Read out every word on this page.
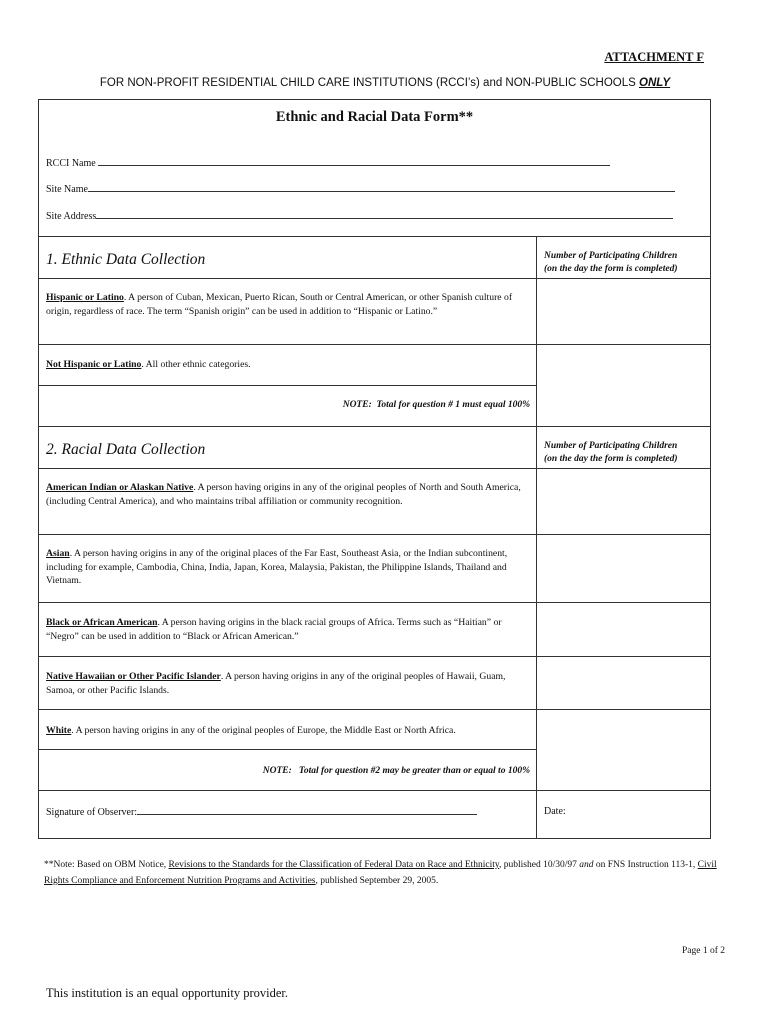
ATTACHMENT F
FOR NON-PROFIT RESIDENTIAL CHILD CARE INSTITUTIONS (RCCI’s) and NON-PUBLIC SCHOOLS ONLY
Ethnic and Racial Data Form**
RCCI Name
Site Name
Site Address
1. Ethnic Data Collection	Number of Participating Children
(on the day the form is completed)
Hispanic or Latino. A person of Cuban, Mexican, Puerto Rican, South or Central American, or other Spanish culture of origin, regardless of race. The term “Spanish origin” can be used in addition to “Hispanic or Latino.”
Not Hispanic or Latino. All other ethnic categories.
NOTE:  Total for question # 1 must equal 100%
2. Racial Data Collection	Number of Participating Children
(on the day the form is completed)
American Indian or Alaskan Native. A person having origins in any of the original peoples of North and South America, (including Central America), and who maintains tribal affiliation or community recognition.
Asian. A person having origins in any of the original places of the Far East, Southeast Asia, or the Indian subcontinent, including for example, Cambodia, China, India, Japan, Korea, Malaysia, Pakistan, the Philippine Islands, Thailand and Vietnam.
Black or African American. A person having origins in the black racial groups of Africa. Terms such as “Haitian” or “Negro” can be used in addition to “Black or African American.”
Native Hawaiian or Other Pacific Islander. A person having origins in any of the original peoples of Hawaii, Guam, Samoa, or other Pacific Islands.
White. A person having origins in any of the original peoples of Europe, the Middle East or North Africa.
NOTE:   Total for question #2 may be greater than or equal to 100%
Signature of Observer:	Date:
**Note: Based on OBM Notice, Revisions to the Standards for the Classification of Federal Data on Race and Ethnicity, published 10/30/97 and on FNS Instruction 113-1, Civil Rights Compliance and Enforcement Nutrition Programs and Activities, published September 29, 2005.
Page 1 of 2
This institution is an equal opportunity provider.
